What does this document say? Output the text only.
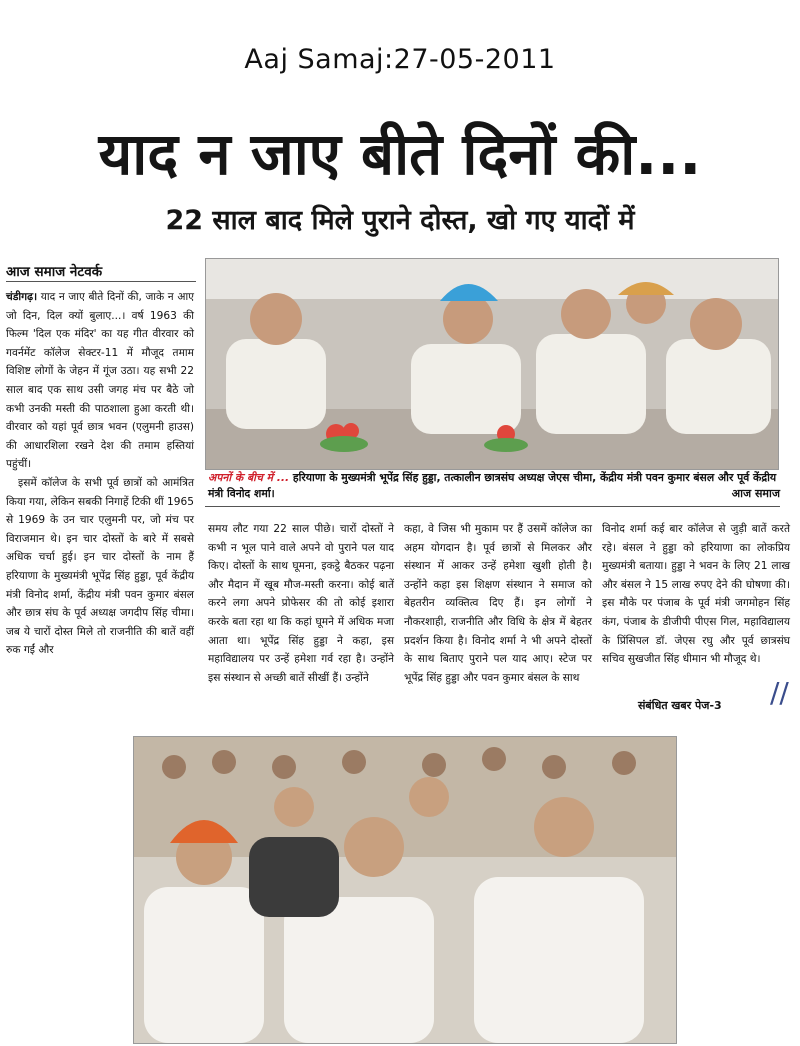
Aaj Samaj:27-05-2011
याद न जाए बीते दिनों की...
22 साल बाद मिले पुराने दोस्त, खो गए यादों में
आज समाज नेटवर्क
अपनों के बीच में ... हरियाणा के मुख्यमंत्री भूपेंद्र सिंह हुड्डा, तत्कालीन छात्रसंघ अध्यक्ष जेएस चीमा, केंद्रीय मंत्री पवन कुमार बंसल और पूर्व केंद्रीय मंत्री विनोद शर्मा।	आज समाज

चंडीगढ़। याद न जाए बीते दिनों की, जाके न आए जो दिन, दिल क्यों बुलाए...। वर्ष 1963 की फिल्म 'दिल एक मंदिर' का यह गीत वीरवार को गवर्नमेंट कॉलेज सेक्टर-11 में मौजूद तमाम विशिष्ट लोगों के जेहन में गूंज उठा। यह सभी 22 साल बाद एक साथ उसी जगह मंच पर बैठे जो कभी उनकी मस्ती की पाठशाला हुआ करती थी। वीरवार को यहां पूर्व छात्र भवन (एलुमनी हाउस) की आधारशिला रखने देश की तमाम हस्तियां पहुंचीं।

इसमें कॉलेज के सभी पूर्व छात्रों को आमंत्रित किया गया, लेकिन सबकी निगाहें टिकी थीं 1965 से 1969 के उन चार एलुमनी पर, जो मंच पर विराजमान थे। इन चार दोस्तों के बारे में सबसे अधिक चर्चा हुई। इन चार दोस्तों के नाम हैं हरियाणा के मुख्यमंत्री भूपेंद्र सिंह हुड्डा, पूर्व केंद्रीय मंत्री विनोद शर्मा, केंद्रीय मंत्री पवन कुमार बंसल और छात्र संघ के पूर्व अध्यक्ष जगदीप सिंह चीमा। जब ये चारों दोस्त मिले तो राजनीति की बातें वहीं रुक गईं और

समय लौट गया 22 साल पीछे। चारों दोस्तों ने कभी न भूल पाने वाले अपने वो पुराने पल याद किए। दोस्तों के साथ घूमना, इकट्ठे बैठकर पढ़ना और मैदान में खूब मौज-मस्ती करना। कोई बातें करने लगा अपने प्रोफेसर की तो कोई इशारा करके बता रहा था कि कहां घूमने में अधिक मजा आता था। भूपेंद्र सिंह हुड्डा ने कहा, इस महाविद्यालय पर उन्हें हमेशा गर्व रहा है। उन्होंने इस संस्थान से अच्छी बातें सीखीं हैं। उन्होंने

कहा, वे जिस भी मुकाम पर हैं उसमें कॉलेज का अहम योगदान है। पूर्व छात्रों से मिलकर और संस्थान में आकर उन्हें हमेशा खुशी होती है। उन्होंने कहा इस शिक्षण संस्थान ने समाज को बेहतरीन व्यक्तित्व दिए हैं। इन लोगों ने नौकरशाही, राजनीति और विधि के क्षेत्र में बेहतर प्रदर्शन किया है। विनोद शर्मा ने भी अपने दोस्तों के साथ बिताए पुराने पल याद आए। स्टेज पर भूपेंद्र सिंह हुड्डा और पवन कुमार बंसल के साथ

विनोद शर्मा कई बार कॉलेज से जुड़ी बातें करते रहे। बंसल ने हुड्डा को हरियाणा का लोकप्रिय मुख्यमंत्री बताया। हुड्डा ने भवन के लिए 21 लाख और बंसल ने 15 लाख रुपए देने की घोषणा की। इस मौके पर पंजाब के पूर्व मंत्री जगमोहन सिंह कंग, पंजाब के डीजीपी पीएस गिल, महाविद्यालय के प्रिंसिपल डॉ. जेएस रघु और पूर्व छात्रसंघ सचिव सुखजीत सिंह धीमान भी मौजूद थे।

संबंधित खबर पेज-3 //
